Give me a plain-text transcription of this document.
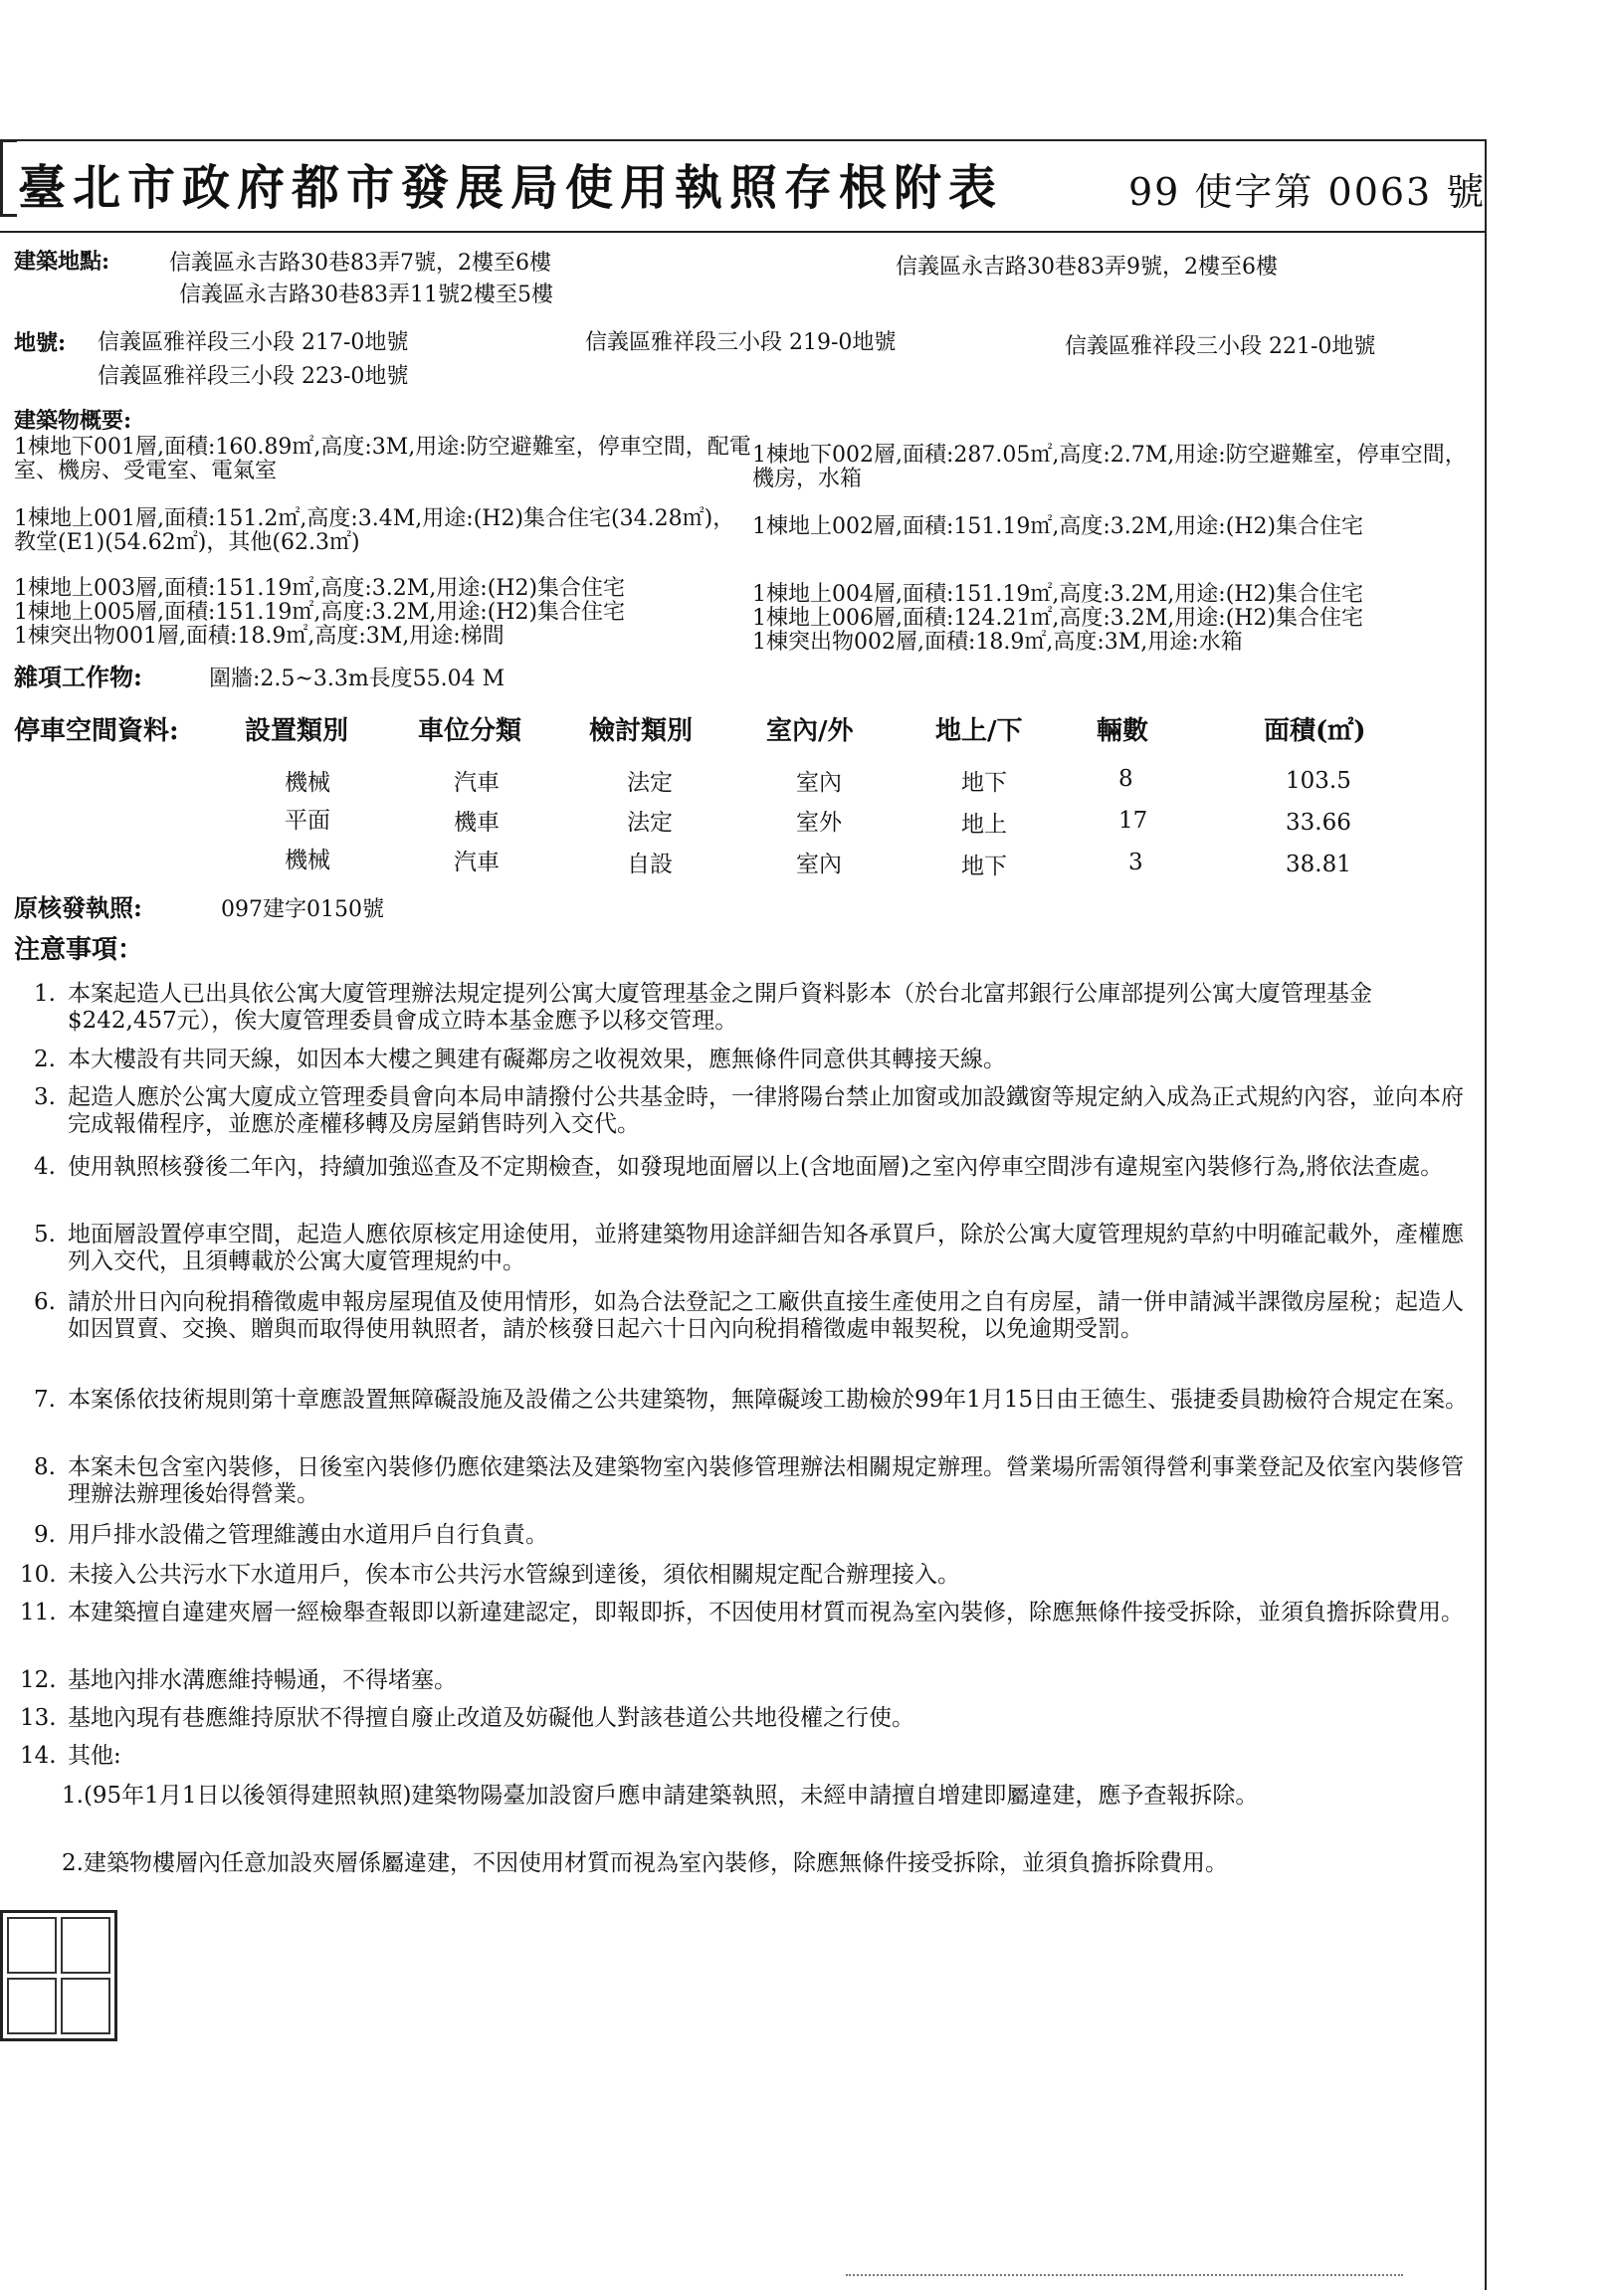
臺北市政府都市發展局使用執照存根附表	99 使字第 0063 號
建築地點:	信義區永吉路30巷83弄7號，2樓至6樓	信義區永吉路30巷83弄9號，2樓至6樓
信義區永吉路30巷83弄11號2樓至5樓
地號: 信義區雅祥段三小段 217-0地號	信義區雅祥段三小段 219-0地號	信義區雅祥段三小段 221-0地號
信義區雅祥段三小段 223-0地號
建築物概要:
1棟地下001層,面積:160.89㎡,高度:3M,用途:防空避難室，停車空間，配電室、機房、受電室、電氣室
1棟地下002層,面積:287.05㎡,高度:2.7M,用途:防空避難室，停車空間，機房，水箱
1棟地上001層,面積:151.2㎡,高度:3.4M,用途:(H2)集合住宅(34.28㎡)，教堂(E1)(54.62㎡)，其他(62.3㎡)
1棟地上002層,面積:151.19㎡,高度:3.2M,用途:(H2)集合住宅
1棟地上003層,面積:151.19㎡,高度:3.2M,用途:(H2)集合住宅	1棟地上004層,面積:151.19㎡,高度:3.2M,用途:(H2)集合住宅
1棟地上005層,面積:151.19㎡,高度:3.2M,用途:(H2)集合住宅	1棟地上006層,面積:124.21㎡,高度:3.2M,用途:(H2)集合住宅
1棟突出物001層,面積:18.9㎡,高度:3M,用途:梯間	1棟突出物002層,面積:18.9㎡,高度:3M,用途:水箱
雜項工作物:	圍牆:2.5~3.3m長度55.04 M
停車空間資料:	設置類別	車位分類	檢討類別	室內/外	地上/下	輛數	面積(㎡)
機械	汽車	法定	室內	地下	8	103.5
平面	機車	法定	室外	地上	17	33.66
機械	汽車	自設	室內	地下	3	38.81
原核發執照:	097建字0150號
注意事項：
1. 本案起造人已出具依公寓大廈管理辦法規定提列公寓大廈管理基金之開戶資料影本（於台北富邦銀行公庫部提列公寓大廈管理基金$242,457元），俟大廈管理委員會成立時本基金應予以移交管理。
2. 本大樓設有共同天線，如因本大樓之興建有礙鄰房之收視效果，應無條件同意供其轉接天線。
3. 起造人應於公寓大廈成立管理委員會向本局申請撥付公共基金時，一律將陽台禁止加窗或加設鐵窗等規定納入成為正式規約內容，並向本府完成報備程序，並應於產權移轉及房屋銷售時列入交代。
4. 使用執照核發後二年內，持續加強巡查及不定期檢查，如發現地面層以上(含地面層)之室內停車空間涉有違規室內裝修行為,將依法查處。
5. 地面層設置停車空間，起造人應依原核定用途使用，並將建築物用途詳細告知各承買戶，除於公寓大廈管理規約草約中明確記載外，產權應列入交代，且須轉載於公寓大廈管理規約中。
6. 請於卅日內向稅捐稽徵處申報房屋現值及使用情形，如為合法登記之工廠供直接生產使用之自有房屋，請一併申請減半課徵房屋稅；起造人如因買賣、交換、贈與而取得使用執照者，請於核發日起六十日內向稅捐稽徵處申報契稅，以免逾期受罰。
7. 本案係依技術規則第十章應設置無障礙設施及設備之公共建築物，無障礙竣工勘檢於99年1月15日由王德生、張捷委員勘檢符合規定在案。
8. 本案未包含室內裝修，日後室內裝修仍應依建築法及建築物室內裝修管理辦法相關規定辦理。營業場所需領得營利事業登記及依室內裝修管理辦法辦理後始得營業。
9. 用戶排水設備之管理維護由水道用戶自行負責。
10. 未接入公共污水下水道用戶，俟本市公共污水管線到達後，須依相關規定配合辦理接入。
11. 本建築擅自違建夾層一經檢舉查報即以新違建認定，即報即拆，不因使用材質而視為室內裝修，除應無條件接受拆除，並須負擔拆除費用。
12. 基地內排水溝應維持暢通，不得堵塞。
13. 基地內現有巷應維持原狀不得擅自廢止改道及妨礙他人對該巷道公共地役權之行使。
14. 其他:
1.(95年1月1日以後領得建照執照)建築物陽臺加設窗戶應申請建築執照，未經申請擅自增建即屬違建，應予查報拆除。
2.建築物樓層內任意加設夾層係屬違建，不因使用材質而視為室內裝修，除應無條件接受拆除，並須負擔拆除費用。
